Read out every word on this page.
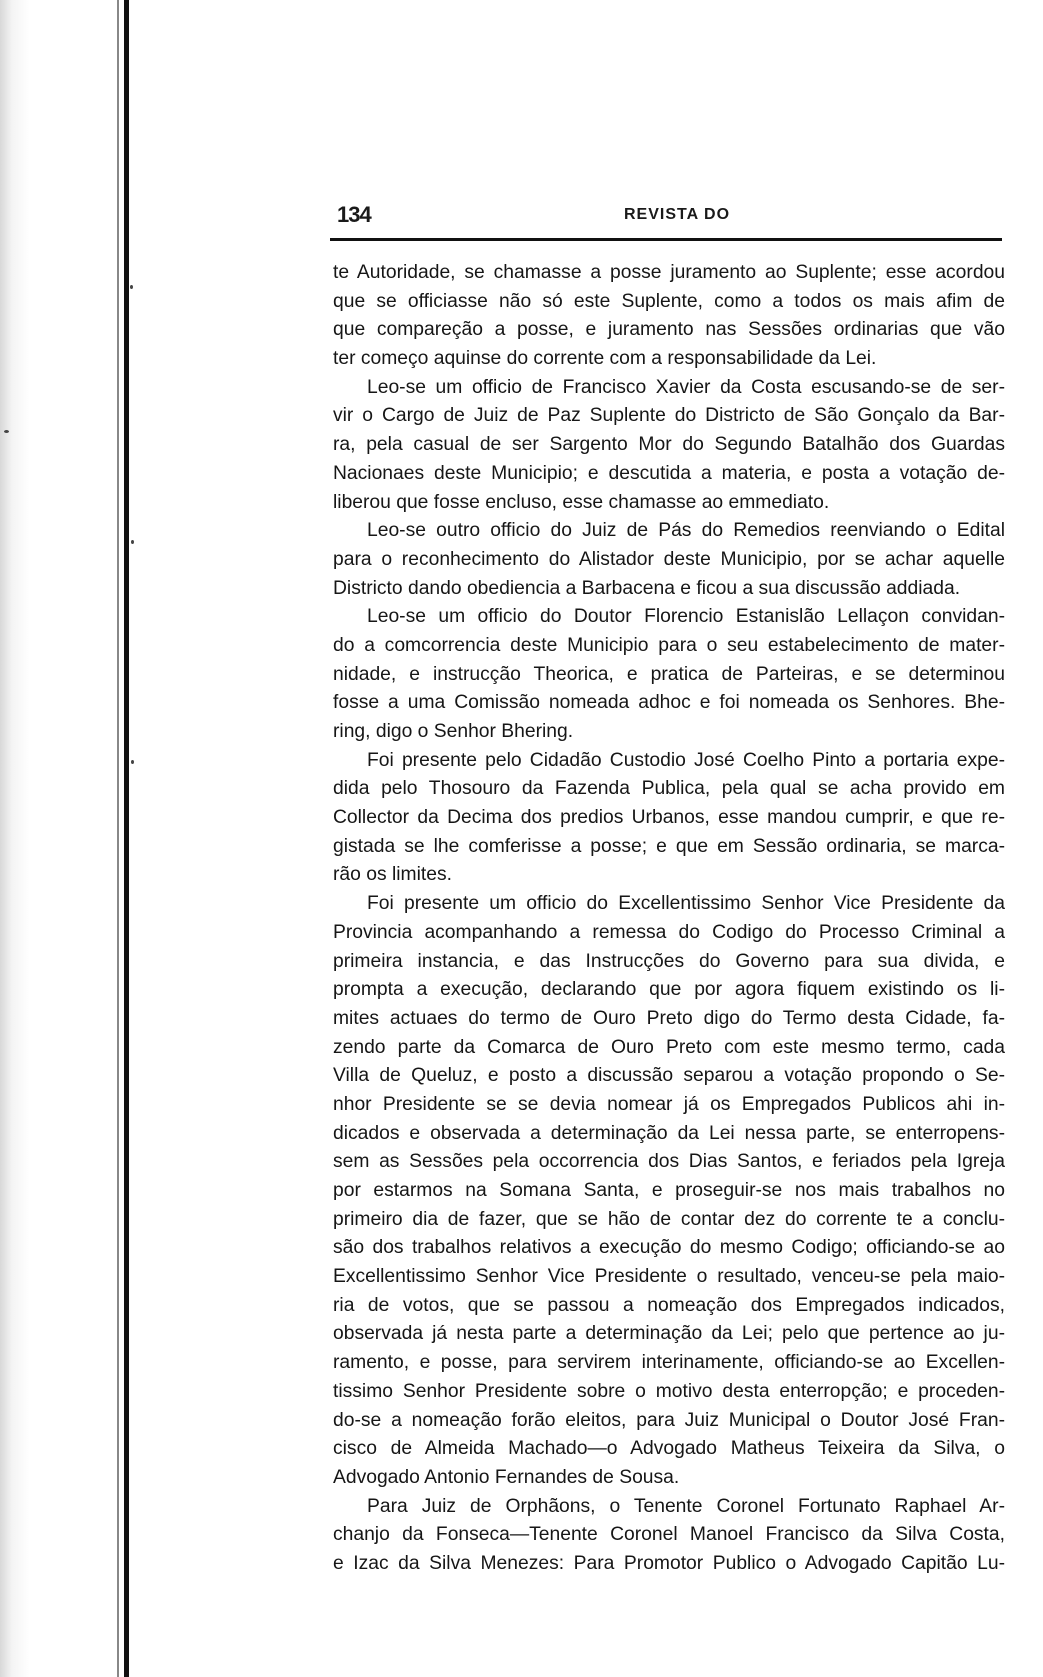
134	REVISTA DO
te Autoridade, se chamasse a posse juramento ao Suplente; esse acordou
que se officiasse não só este Suplente, como a todos os mais afim de
que compareção a posse, e juramento nas Sessões ordinarias que vão
ter começo aquinse do corrente com a responsabilidade da Lei.
Leo-se um officio de Francisco Xavier da Costa escusando-se de ser-
vir o Cargo de Juiz de Paz Suplente do Districto de São Gonçalo da Bar-
ra, pela casual de ser Sargento Mor do Segundo Batalhão dos Guardas
Nacionaes deste Municipio; e descutida a materia, e posta a votação de-
liberou que fosse encluso, esse chamasse ao emmediato.
Leo-se outro officio do Juiz de Pás do Remedios reenviando o Edital
para o reconhecimento do Alistador deste Municipio, por se achar aquelle
Districto dando obediencia a Barbacena e ficou a sua discussão addiada.
Leo-se um officio do Doutor Florencio Estanislão Lellaçon convidan-
do a comcorrencia deste Municipio para o seu estabelecimento de mater-
nidade, e instrucção Theorica, e pratica de Parteiras, e se determinou
fosse a uma Comissão nomeada adhoc e foi nomeada os Senhores. Bhe-
ring, digo o Senhor Bhering.
Foi presente pelo Cidadão Custodio José Coelho Pinto a portaria expe-
dida pelo Thosouro da Fazenda Publica, pela qual se acha provido em
Collector da Decima dos predios Urbanos, esse mandou cumprir, e que re-
gistada se lhe comferisse a posse; e que em Sessão ordinaria, se marca-
rão os limites.
Foi presente um officio do Excellentissimo Senhor Vice Presidente da
Provincia acompanhando a remessa do Codigo do Processo Criminal a
primeira instancia, e das Instrucções do Governo para sua divida, e
prompta a execução, declarando que por agora fiquem existindo os li-
mites actuaes do termo de Ouro Preto digo do Termo desta Cidade, fa-
zendo parte da Comarca de Ouro Preto com este mesmo termo, cada
Villa de Queluz, e posto a discussão separou a votação propondo o Se-
nhor Presidente se se devia nomear já os Empregados Publicos ahi in-
dicados e observada a determinação da Lei nessa parte, se enterropens-
sem as Sessões pela occorrencia dos Dias Santos, e feriados pela Igreja
por estarmos na Somana Santa, e proseguir-se nos mais trabalhos no
primeiro dia de fazer, que se hão de contar dez do corrente te a conclu-
são dos trabalhos relativos a execução do mesmo Codigo; officiando-se ao
Excellentissimo Senhor Vice Presidente o resultado, venceu-se pela maio-
ria de votos, que se passou a nomeação dos Empregados indicados,
observada já nesta parte a determinação da Lei; pelo que pertence ao ju-
ramento, e posse, para servirem interinamente, officiando-se ao Excellen-
tissimo Senhor Presidente sobre o motivo desta enterropção; e proceden-
do-se a nomeação forão eleitos, para Juiz Municipal o Doutor José Fran-
cisco de Almeida Machado—o Advogado Matheus Teixeira da Silva, o
Advogado Antonio Fernandes de Sousa.
Para Juiz de Orphãons, o Tenente Coronel Fortunato Raphael Ar-
chanjo da Fonseca—Tenente Coronel Manoel Francisco da Silva Costa,
e Izac da Silva Menezes: Para Promotor Publico o Advogado Capitão Lu-
